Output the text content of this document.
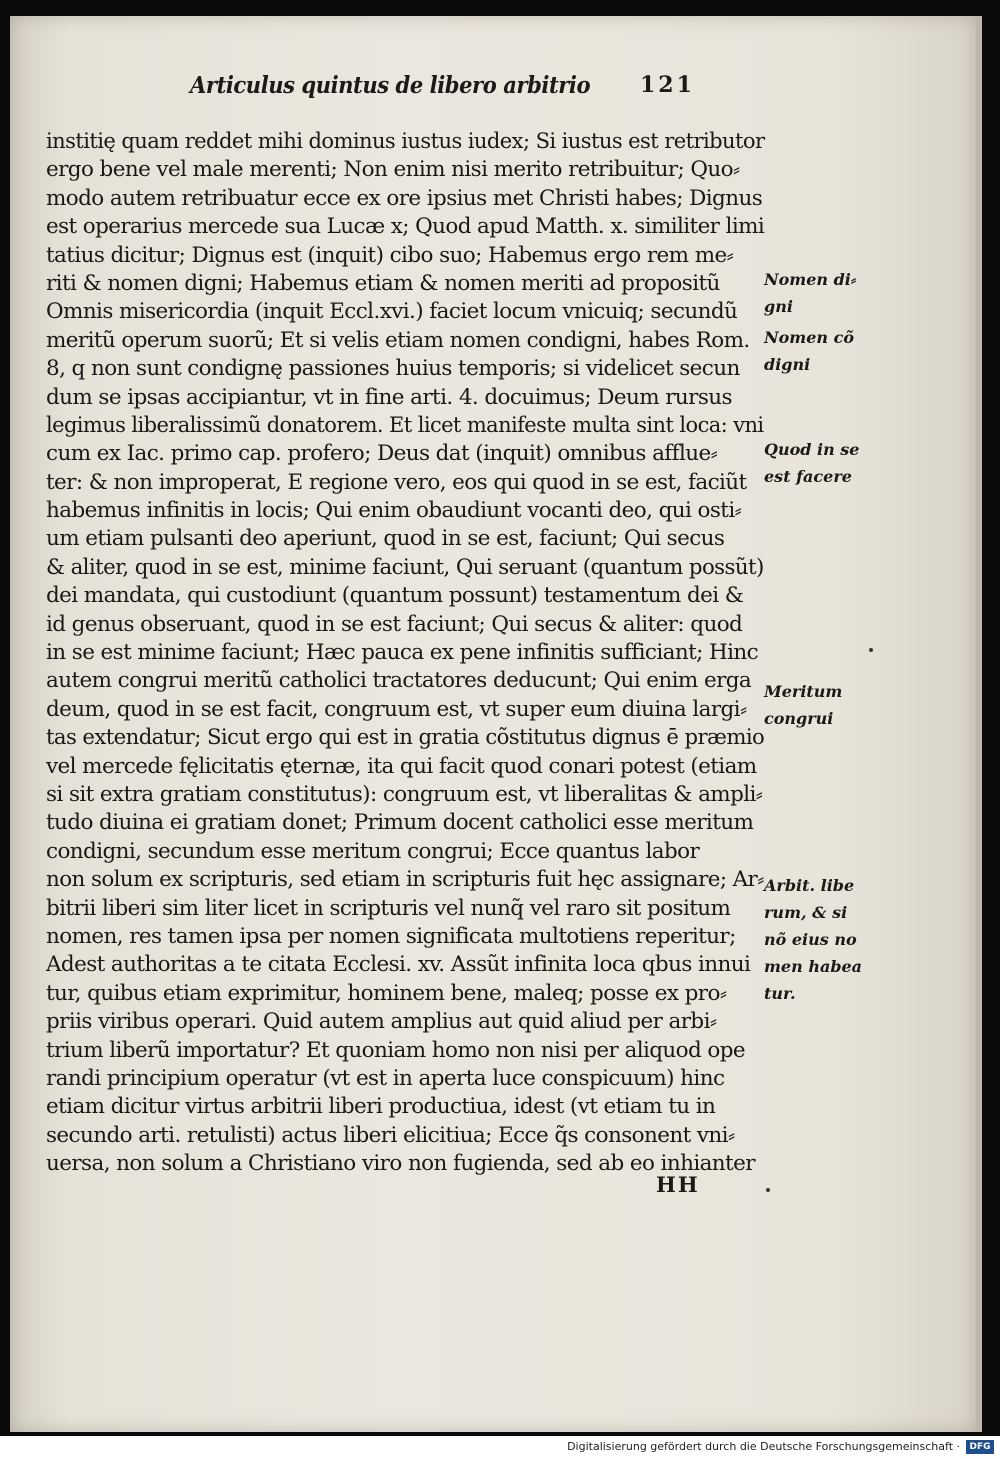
Articulus quintus de libero arbitrio 121
institię quam reddet mihi dominus iustus iudex; Si iustus est retributor
ergo bene vel male merenti; Non enim nisi merito retribuitur; Quo⸗
modo autem retribuatur ecce ex ore ipsius met Christi habes; Dignus
est operarius mercede sua Lucæ x; Quod apud Matth. x. similiter limi
tatius dicitur; Dignus est (inquit) cibo suo; Habemus ergo rem me⸗
riti & nomen digni; Habemus etiam & nomen meriti ad propositũ
Omnis misericordia (inquit Eccl.xvi.) faciet locum vnicuiq; secundũ
meritũ operum suorũ; Et si velis etiam nomen condigni, habes Rom.
8, q non sunt condignę passiones huius temporis; si videlicet secun
dum se ipsas accipiantur, vt in fine arti. 4. docuimus; Deum rursus
legimus liberalissimũ donatorem. Et licet manifeste multa sint loca: vni
cum ex Iac. primo cap. profero; Deus dat (inquit) omnibus afflue⸗
ter: & non improperat, E regione vero, eos qui quod in se est, faciũt
habemus infinitis in locis; Qui enim obaudiunt vocanti deo, qui osti⸗
um etiam pulsanti deo aperiunt, quod in se est, faciunt; Qui secus
& aliter, quod in se est, minime faciunt, Qui seruant (quantum possũt)
dei mandata, qui custodiunt (quantum possunt) testamentum dei &
id genus obseruant, quod in se est faciunt; Qui secus & aliter: quod
in se est minime faciunt; Hæc pauca ex pene infinitis sufficiant; Hinc
autem congrui meritũ catholici tractatores deducunt; Qui enim erga
deum, quod in se est facit, congruum est, vt super eum diuina largi⸗
tas extendatur; Sicut ergo qui est in gratia cõstitutus dignus ē præmio
vel mercede fęlicitatis ęternæ, ita qui facit quod conari potest (etiam
si sit extra gratiam constitutus): congruum est, vt liberalitas & ampli⸗
tudo diuina ei gratiam donet; Primum docent catholici esse meritum
condigni, secundum esse meritum congrui; Ecce quantus labor
non solum ex scripturis, sed etiam in scripturis fuit hęc assignare; Ar⸗
bitrii liberi sim liter licet in scripturis vel nunq̃ vel raro sit positum
nomen, res tamen ipsa per nomen significata multotiens reperitur;
Adest authoritas a te citata Ecclesi. xv. Assũt infinita loca qbus innui
tur, quibus etiam exprimitur, hominem bene, maleq; posse ex pro⸗
priis viribus operari. Quid autem amplius aut quid aliud per arbi⸗
trium liberũ importatur? Et quoniam homo non nisi per aliquod ope
randi principium operatur (vt est in aperta luce conspicuum) hinc
etiam dicitur virtus arbitrii liberi productiua, idest (vt etiam tu in
secundo arti. retulisti) actus liberi elicitiua; Ecce q̃s consonent vni⸗
uersa, non solum a Christiano viro non fugienda, sed ab eo inhianter
Nomen di⸗
gni
Nomen cõ
digni
Quod in se
est facere
Meritum
congrui
Arbit. libe
rum, & si
nõ eius no
men habea
tur.
HH
Digitalisierung gefördert durch die Deutsche Forschungsgemeinschaft ·	DFG
